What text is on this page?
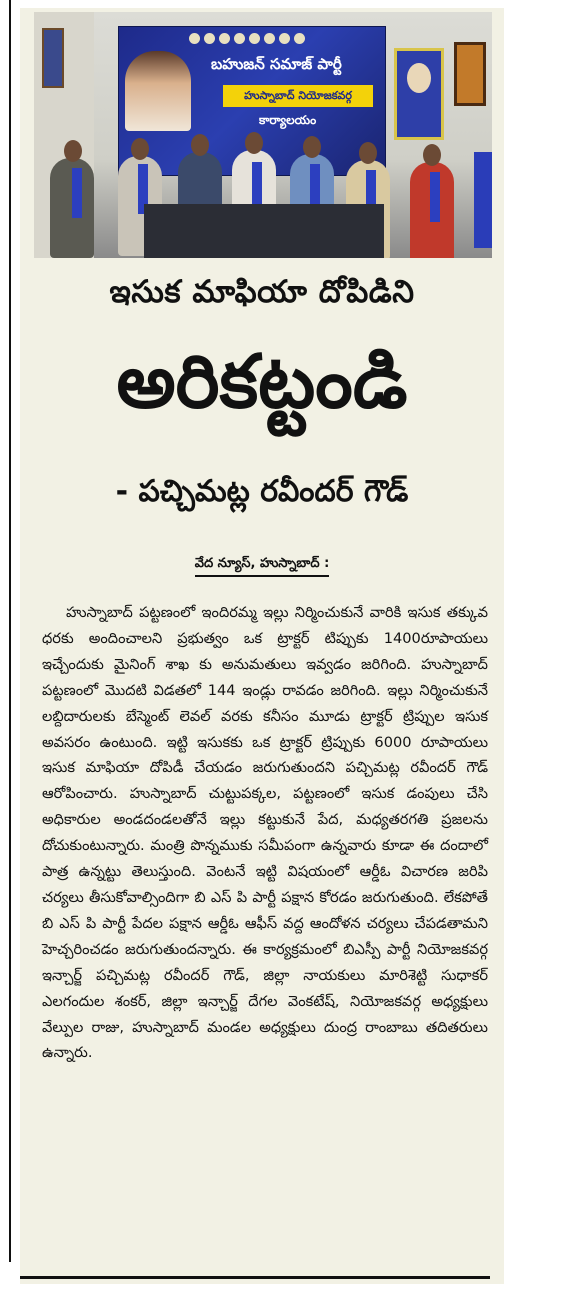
బహుజన్ సమాజ్ పార్టీ
హుస్నాబాద్ నియోజకవర్గ
కార్యాలయం
ఇసుక మాఫియా దోపిడిని
అరికట్టండి
- పచ్చిమట్ల రవీందర్ గౌడ్
వేద న్యూస్, హుస్నాబాద్ :
హుస్నాబాద్ పట్టణంలో ఇందిరమ్మ ఇల్లు నిర్మించుకునే వారికి ఇసుక తక్కువ ధరకు అందించాలని ప్రభుత్వం ఒక ట్రాక్టర్ టిప్పుకు 1400రూపాయలు ఇచ్చేందుకు మైనింగ్ శాఖ కు అనుమతులు ఇవ్వడం జరిగింది. హుస్నాబాద్ పట్టణంలో మొదటి విడతలో 144 ఇండ్లు రావడం జరిగింది. ఇల్లు నిర్మించుకునే లబ్దిదారులకు బేస్మెంట్ లెవల్ వరకు కనీసం మూడు ట్రాక్టర్ ట్రిప్పుల ఇసుక అవసరం ఉంటుంది. ఇట్టి ఇసుకకు ఒక ట్రాక్టర్ ట్రిప్పుకు 6000 రూపాయలు ఇసుక మాఫియా దోపిడీ చేయడం జరుగుతుందని పచ్చిమట్ల రవీందర్ గౌడ్ ఆరోపించారు. హుస్నాబాద్ చుట్టుపక్కల, పట్టణంలో ఇసుక డంపులు చేసి అధికారుల అండదండలతోనే ఇల్లు కట్టుకునే పేద, మధ్యతరగతి ప్రజలను దోచుకుంటున్నారు. మంత్రి పొన్నముకు సమీపంగా ఉన్నవారు కూడా ఈ దందాలో పాత్ర ఉన్నట్టు తెలుస్తుంది. వెంటనే ఇట్టి విషయంలో ఆర్డీఓ విచారణ జరిపి చర్యలు తీసుకోవాల్సిందిగా బి ఎస్ పి పార్టీ పక్షాన కోరడం జరుగుతుంది. లేకపోతే బి ఎస్ పి పార్టీ పేదల పక్షాన ఆర్డీఓ ఆఫీస్ వద్ద ఆందోళన చర్యలు చేపడతామని హెచ్చరించడం జరుగుతుందన్నారు. ఈ కార్యక్రమంలో బిఎస్పీ పార్టీ నియోజకవర్గ ఇన్చార్జ్ పచ్చిమట్ల రవీందర్ గౌడ్, జిల్లా నాయకులు మారిశెట్టి సుధాకర్ ఎలగందుల శంకర్, జిల్లా ఇన్చార్జ్ దేగల వెంకటేష్, నియోజకవర్గ అధ్యక్షులు వేల్పుల రాజు, హుస్నాబాద్ మండల అధ్యక్షులు దుంద్ర రాంబాబు తదితరులు ఉన్నారు.
